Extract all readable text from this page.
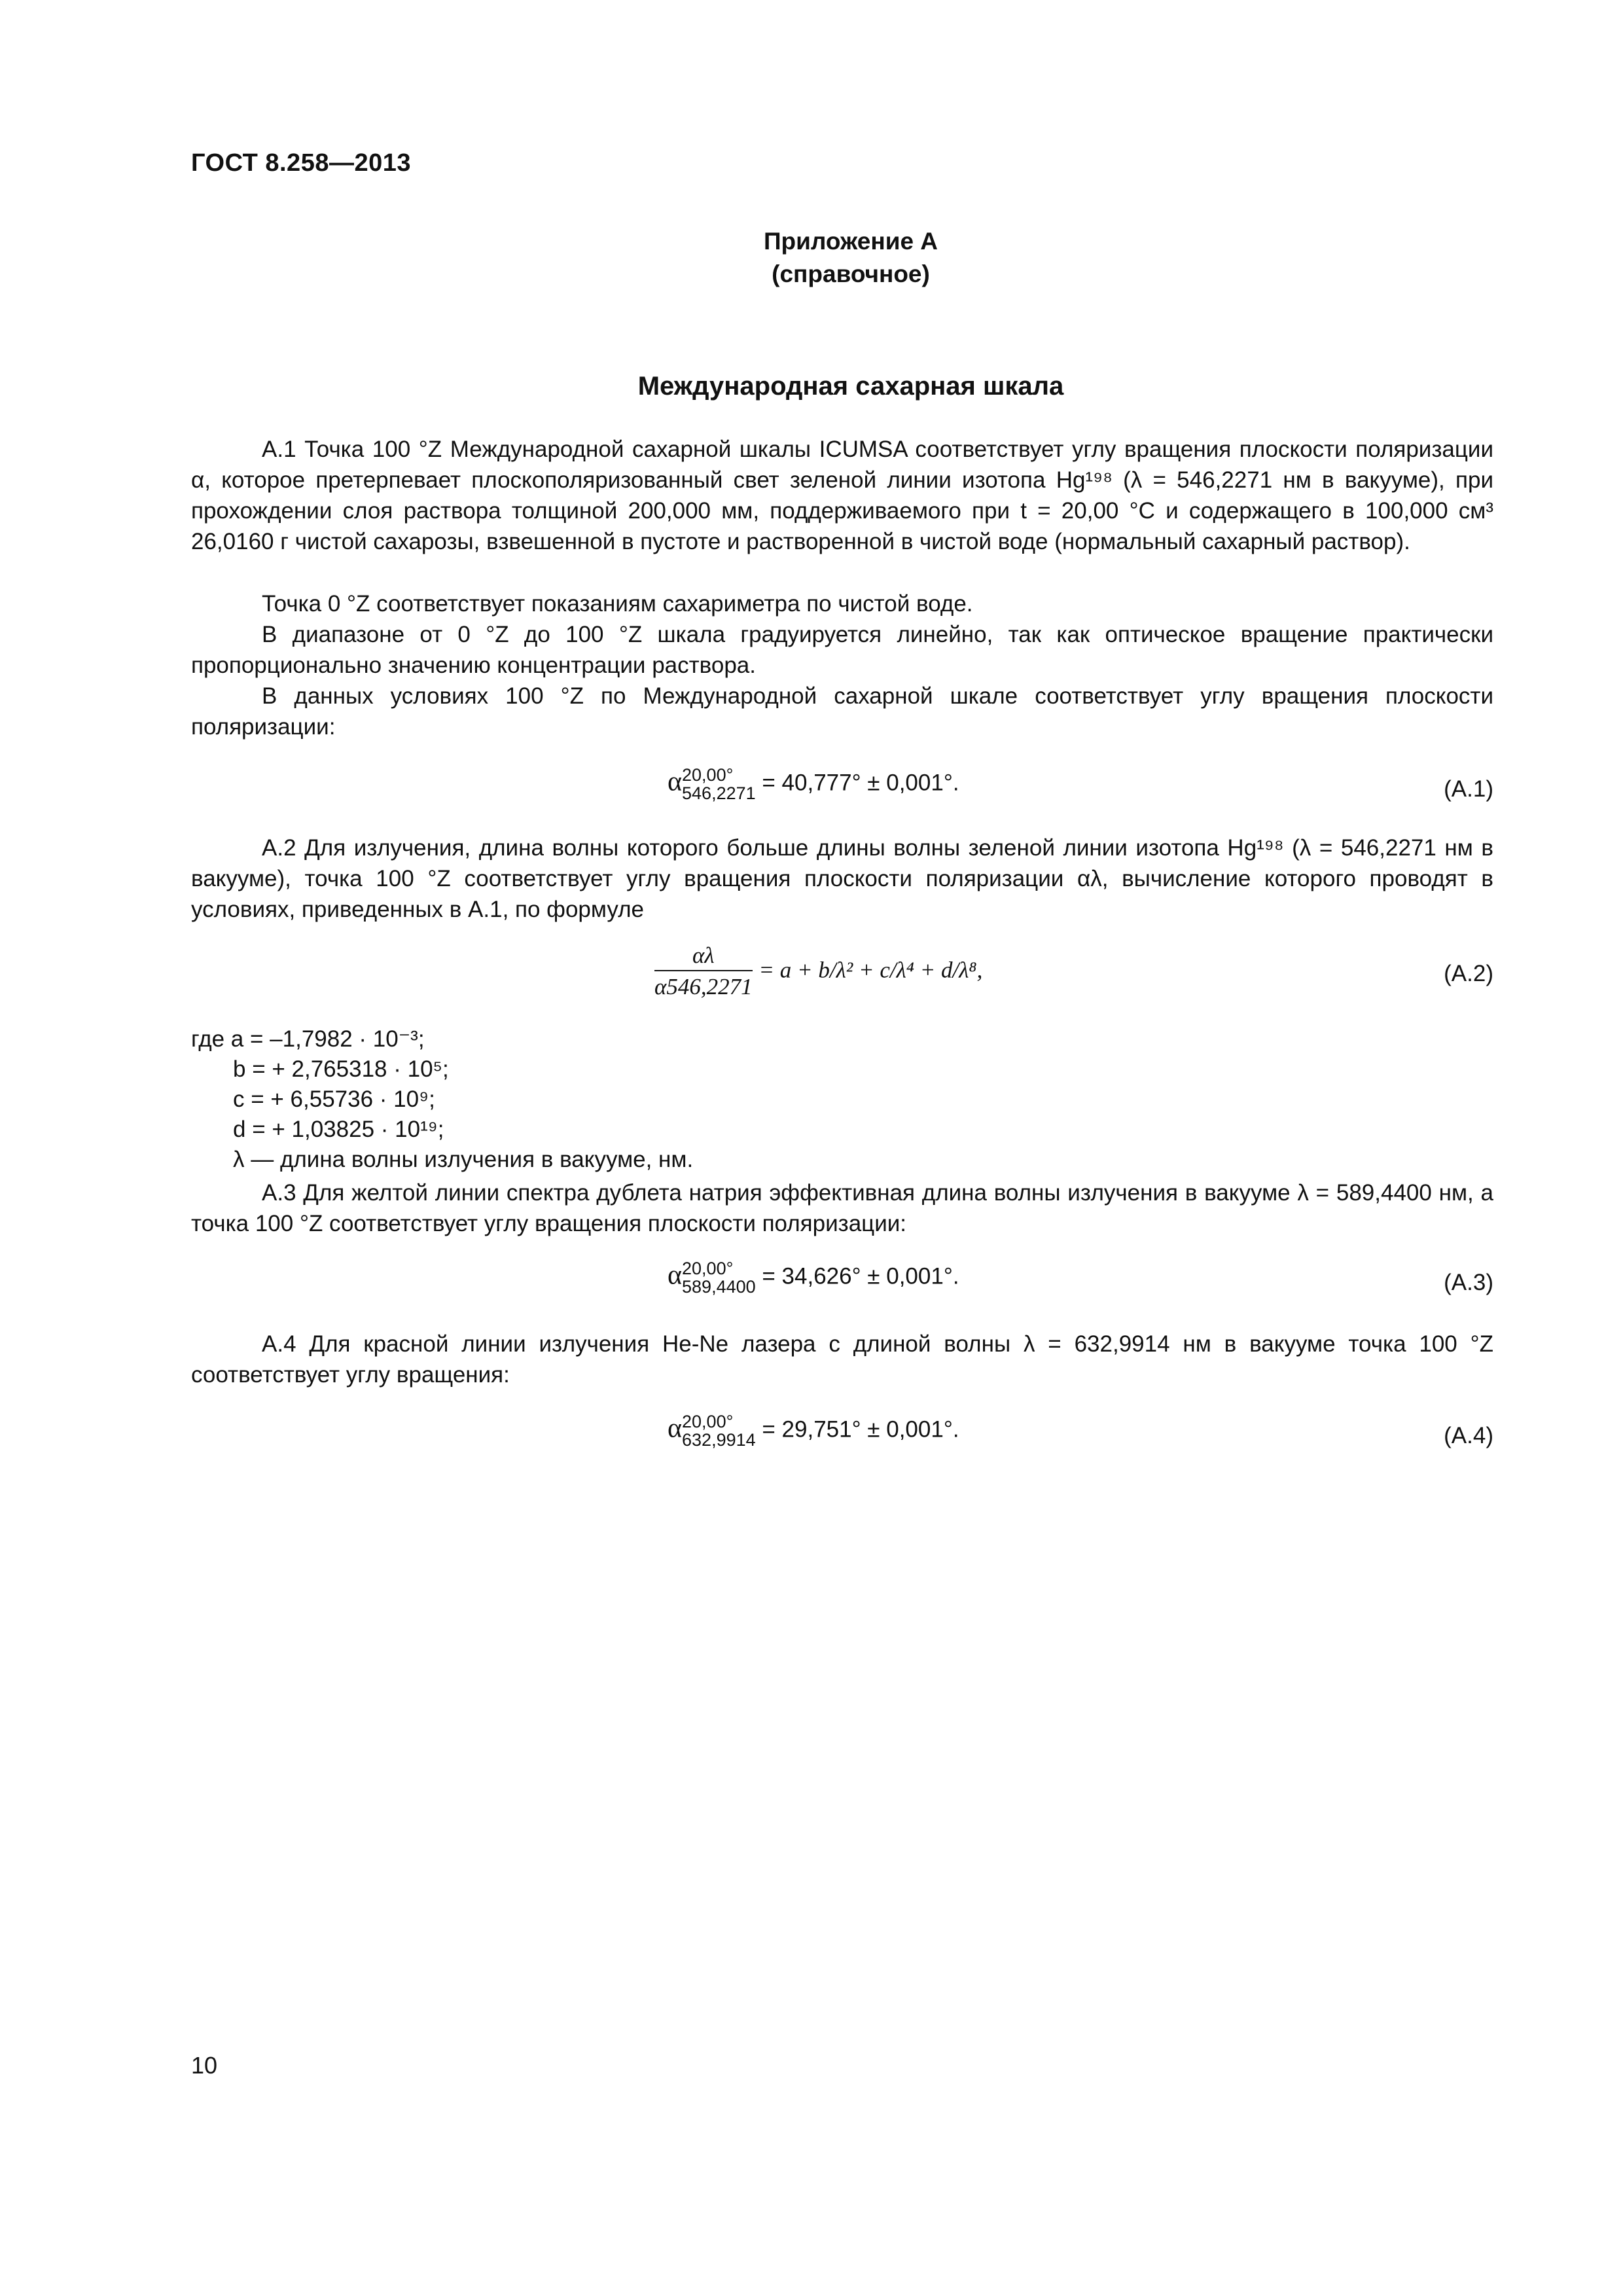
ГОСТ 8.258—2013
Приложение А
(справочное)
Международная сахарная шкала

А.1 Точка 100 °Z Международной сахарной шкалы ICUMSA соответствует углу вращения плоскости поляризации α, которое претерпевает плоскополяризованный свет зеленой линии изотопа Hg¹⁹⁸ (λ = 546,2271 нм в вакууме), при прохождении слоя раствора толщиной 200,000 мм, поддерживаемого при t = 20,00 °С и содержащего в 100,000 см³ 26,0160 г чистой сахарозы, взвешенной в пустоте и растворенной в чистой воде (нормальный сахарный раствор).

Точка 0 °Z соответствует показаниям сахариметра по чистой воде.

В диапазоне от 0 °Z до 100 °Z шкала градуируется линейно, так как оптическое вращение практически пропорционально значению концентрации раствора.

В данных условиях 100 °Z по Международной сахарной шкале соответствует углу вращения плоскости поляризации:

α 20,00°
546,2271 = 40,777° ± 0,001°.	(А.1)

А.2 Для излучения, длина волны которого больше длины волны зеленой линии изотопа Hg¹⁹⁸ (λ = 546,2271 нм в вакууме), точка 100 °Z соответствует углу вращения плоскости поляризации αλ, вычисление которого проводят в условиях, приведенных в А.1, по формуле

$\frac{\alpha\lambda}{\alpha 546,2271} = a + b/\lambda^2 + c/\lambda^4 + d/\lambda^8$,	(А.2)
где a = –1,7982 · 10⁻³;
b = + 2,765318 · 10⁵;
c = + 6,55736 · 10⁹;
d = + 1,03825 · 10¹⁹;
λ — длина волны излучения в вакууме, нм.

А.3 Для желтой линии спектра дублета натрия эффективная длина волны излучения в вакууме λ = 589,4400 нм, а точка 100 °Z соответствует углу вращения плоскости поляризации:

α 20,00°
589,4400 = 34,626° ± 0,001°.	(А.3)

А.4 Для красной линии излучения He-Ne лазера с длиной волны λ = 632,9914 нм в вакууме точка 100 °Z соответствует углу вращения:

α 20,00°
632,9914 = 29,751° ± 0,001°.	(А.4)
10
